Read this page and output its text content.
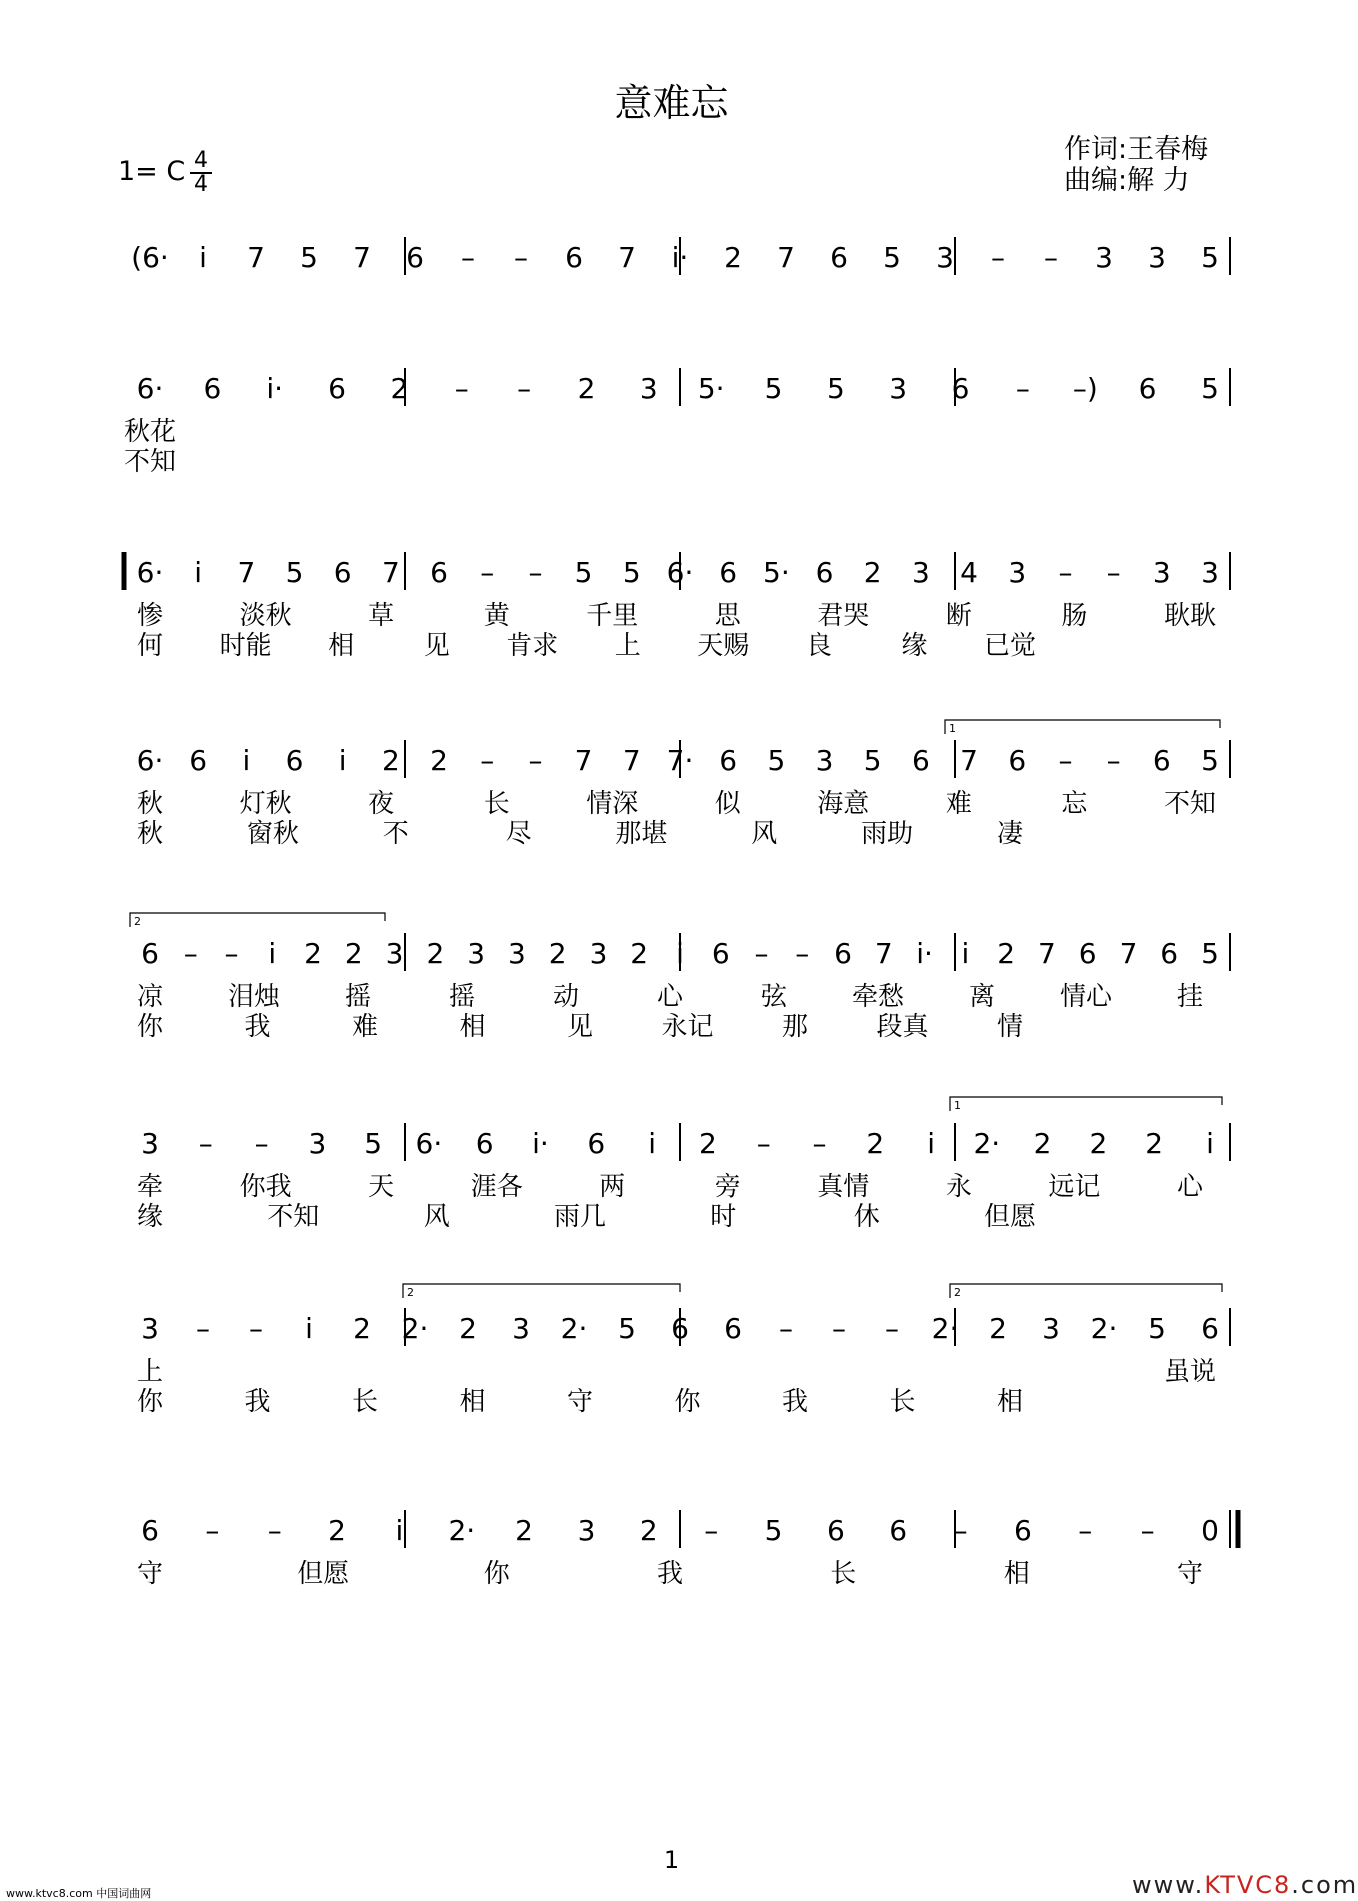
意难忘
作词:王春梅
曲编:解 力
1= C 4
4
(6· i 7 5 7 6 – – 6 7 i· 2 7 6 5 3 – – 3 3 5
6· 6 i· 6 2 – – 2 3 5· 5 5 3 6 – –) 6 5
6· i 7 5 6 7 6 – – 5 5 6· 6 5· 6 2 3 4 3 – – 3 3
6· 6 i 6 i 2 2 – – 7 7 7· 6 5 3 5 6 7 6 – – 6 5
6 – – i 2 2 3 2 3 3 2 3 2 i 6 – – 6 7 i· i 2 7 6 7 6 5
3 – – 3 5 6· 6 i· 6 i 2 – – 2 i 2· 2 2 2 i
3 – – i 2 2· 2 3 2· 5 6 6 – – – 2· 2 3 2· 5 6
6 – – 2 i 2· 2 3 2 – 5 6 6 – 6 – – 0
秋花
不知
惨	淡秋	草	黄	千里	思	君哭	断	肠	耿耿
何 时能 相	见 肯求 上 天赐 良	缘 已觉
秋	灯秋	夜	长	情深	似	海意	难	忘	不知
秋	窗秋	不	尽	那堪	风	雨助	凄
凉 泪烛 摇	摇	动	心	弦 牵愁 离 情心 挂
你	我	难	相	见	永记	那	段真	情
牵	你我	天	涯各	两	旁	真情	永	远记	心
缘	不知	风	雨几	时	休	但愿
上	虽说
你	我	长	相	守	你	我	长	相
守	但愿	你	我	长	相	守
1
2
1
2	2
1
www.ktvc8.com 中国词曲网	www.KTVC8.com
